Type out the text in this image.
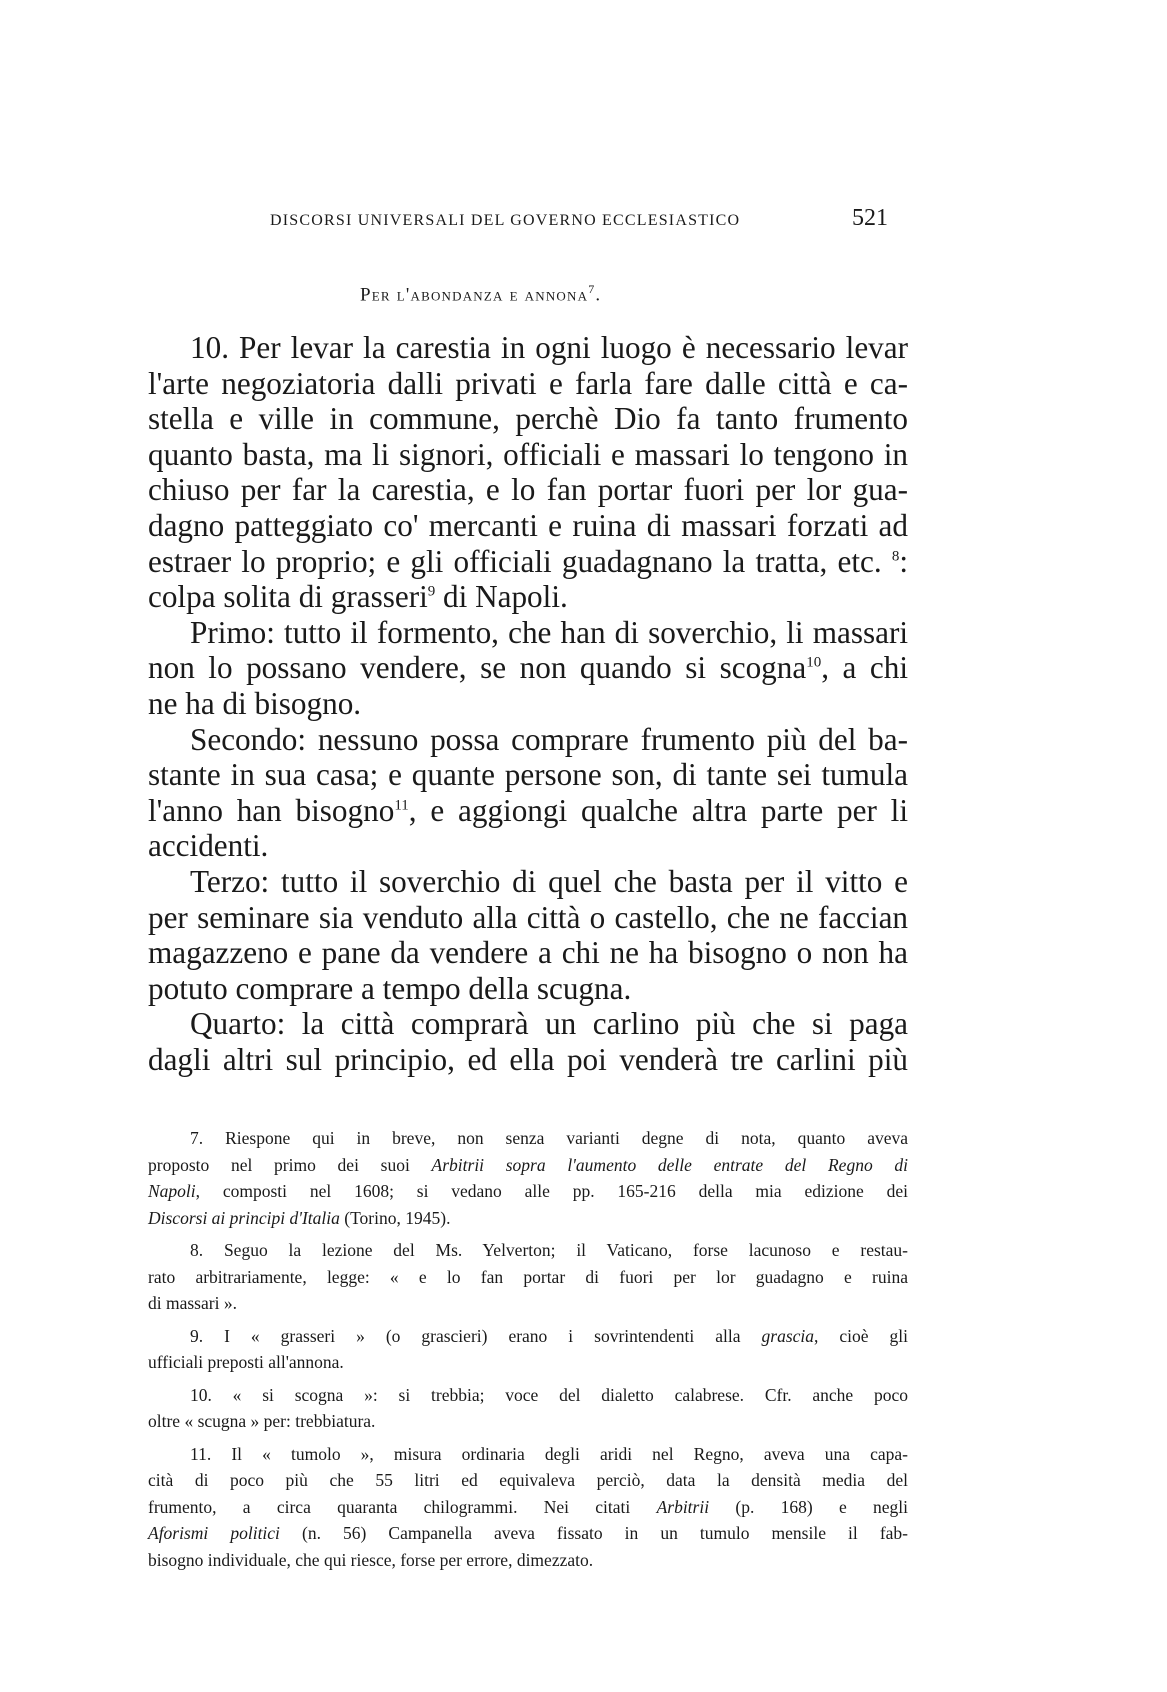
DISCORSI UNIVERSALI DEL GOVERNO ECCLESIASTICO	521
Per l'abondanza e annona$^7$.
10. Per levar la carestia in ogni luogo è necessario levar
l'arte negoziatoria dalli privati e farla fare dalle città e ca-
stella e ville in commune, perchè Dio fa tanto frumento
quanto basta, ma li signori, officiali e massari lo tengono in
chiuso per far la carestia, e lo fan portar fuori per lor gua-
dagno patteggiato co' mercanti e ruina di massari forzati ad
estraer lo proprio; e gli officiali guadagnano la tratta, etc. $^8$:
colpa solita di grasseri$^9$ di Napoli.
Primo: tutto il formento, che han di soverchio, li massari
non lo possano vendere, se non quando si scogna$^{10}$, a chi
ne ha di bisogno.
Secondo: nessuno possa comprare frumento più del ba-
stante in sua casa; e quante persone son, di tante sei tumula
l'anno han bisogno$^{11}$, e aggiongi qualche altra parte per li
accidenti.
Terzo: tutto il soverchio di quel che basta per il vitto e
per seminare sia venduto alla città o castello, che ne faccian
magazzeno e pane da vendere a chi ne ha bisogno o non ha
potuto comprare a tempo della scugna.
Quarto: la città comprarà un carlino più che si paga
dagli altri sul principio, ed ella poi venderà tre carlini più
7. Riespone qui in breve, non senza varianti degne di nota, quanto aveva
proposto nel primo dei suoi Arbitrii sopra l'aumento delle entrate del Regno di
Napoli, composti nel 1608; si vedano alle pp. 165-216 della mia edizione dei
Discorsi ai principi d'Italia (Torino, 1945).
8. Seguo la lezione del Ms. Yelverton; il Vaticano, forse lacunoso e restau-
rato arbitrariamente, legge: « e lo fan portar di fuori per lor guadagno e ruina
di massari ».
9. I « grasseri » (o grascieri) erano i sovrintendenti alla grascia, cioè gli
ufficiali preposti all'annona.
10. « si scogna »: si trebbia; voce del dialetto calabrese. Cfr. anche poco
oltre « scugna » per: trebbiatura.
11. Il « tumolo », misura ordinaria degli aridi nel Regno, aveva una capa-
cità di poco più che 55 litri ed equivaleva perciò, data la densità media del
frumento, a circa quaranta chilogrammi. Nei citati Arbitrii (p. 168) e negli
Aforismi politici (n. 56) Campanella aveva fissato in un tumulo mensile il fab-
bisogno individuale, che qui riesce, forse per errore, dimezzato.
